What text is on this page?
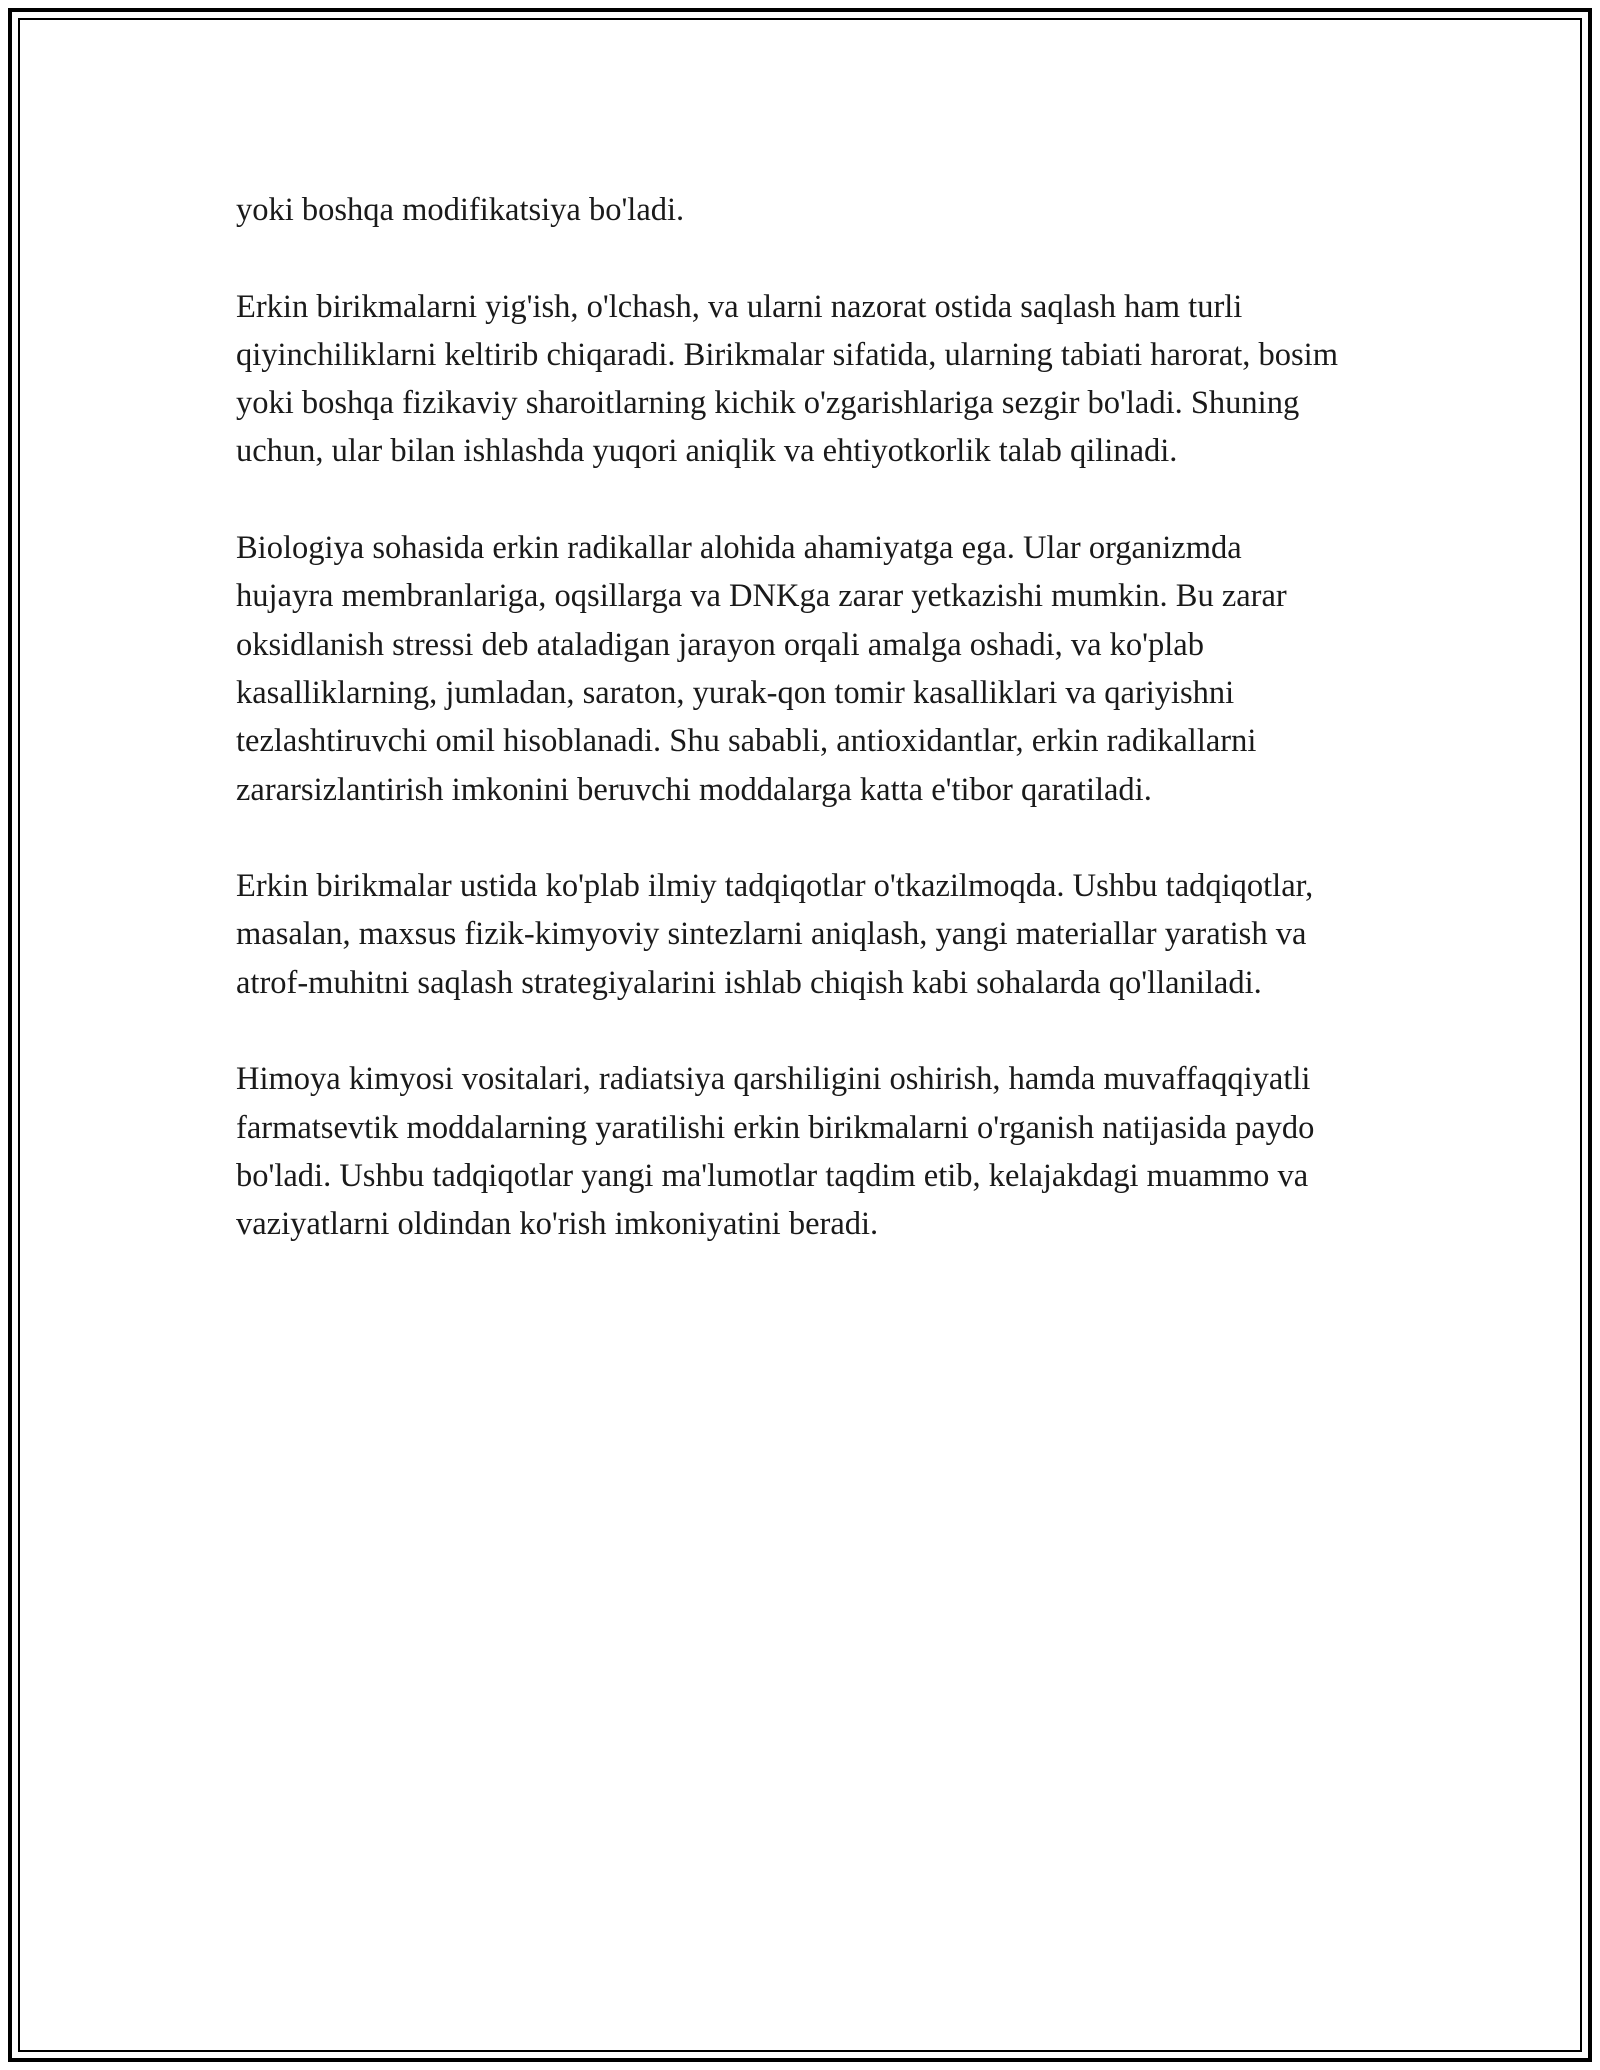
yoki boshqa modifikatsiya bo'ladi.

Erkin birikmalarni yig'ish, o'lchash, va ularni nazorat ostida saqlash ham turli qiyinchiliklarni keltirib chiqaradi. Birikmalar sifatida, ularning tabiati harorat, bosim yoki boshqa fizikaviy sharoitlarning kichik o'zgarishlariga sezgir bo'ladi. Shuning uchun, ular bilan ishlashda yuqori aniqlik va ehtiyotkorlik talab qilinadi.

Biologiya sohasida erkin radikallar alohida ahamiyatga ega. Ular organizmda hujayra membranlariga, oqsillarga va DNKga zarar yetkazishi mumkin. Bu zarar oksidlanish stressi deb ataladigan jarayon orqali amalga oshadi, va ko'plab kasalliklarning, jumladan, saraton, yurak-qon tomir kasalliklari va qariyishni tezlashtiruvchi omil hisoblanadi. Shu sababli, antioxidantlar, erkin radikallarni zararsizlantirish imkonini beruvchi moddalarga katta e'tibor qaratiladi.

Erkin birikmalar ustida ko'plab ilmiy tadqiqotlar o'tkazilmoqda. Ushbu tadqiqotlar, masalan, maxsus fizik-kimyoviy sintezlarni aniqlash, yangi materiallar yaratish va atrof-muhitni saqlash strategiyalarini ishlab chiqish kabi sohalarda qo'llaniladi.

Himoya kimyosi vositalari, radiatsiya qarshiligini oshirish, hamda muvaffaqqiyatli farmatsevtik moddalarning yaratilishi erkin birikmalarni o'rganish natijasida paydo bo'ladi. Ushbu tadqiqotlar yangi ma'lumotlar taqdim etib, kelajakdagi muammo va vaziyatlarni oldindan ko'rish imkoniyatini beradi.
